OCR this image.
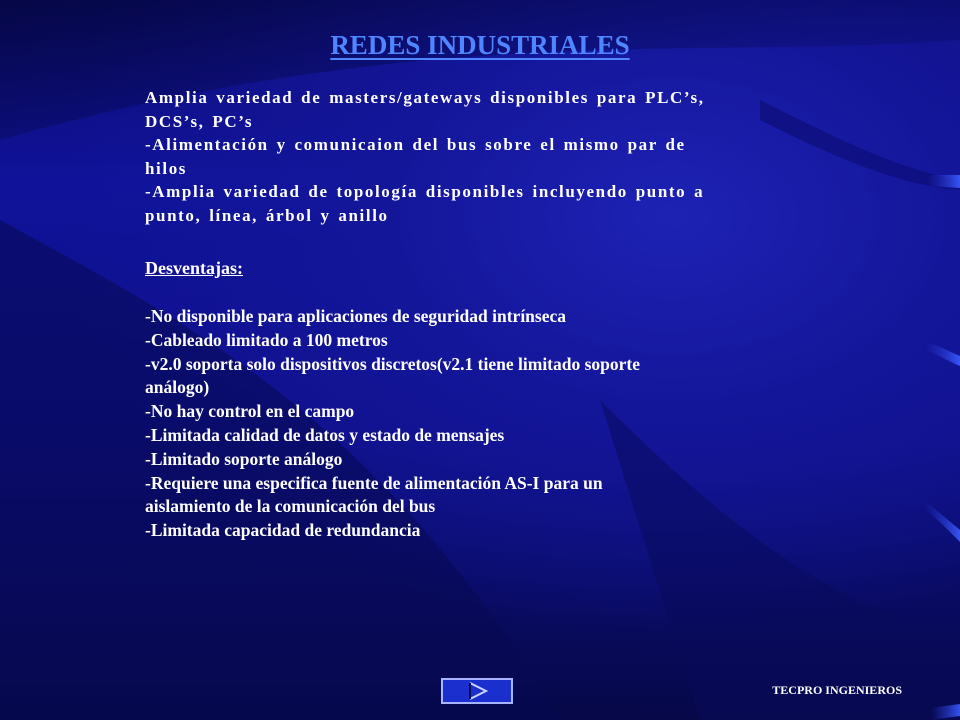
REDES INDUSTRIALES
Amplia variedad de masters/gateways disponibles para PLC’s,
DCS’s, PC’s
-Alimentación y comunicaion del bus sobre el mismo par de
hilos
-Amplia variedad de topología disponibles incluyendo punto a
punto, línea, árbol y anillo
Desventajas:
-No disponible para aplicaciones de seguridad intrínseca
-Cableado limitado a 100 metros
-v2.0 soporta solo dispositivos discretos(v2.1 tiene limitado soporte
análogo)
-No hay control en el campo
-Limitada calidad de datos y estado de mensajes
-Limitado soporte análogo
-Requiere una especifica fuente de alimentación AS-I para un
aislamiento de la comunicación del bus
-Limitada capacidad de redundancia
TECPRO INGENIEROS
